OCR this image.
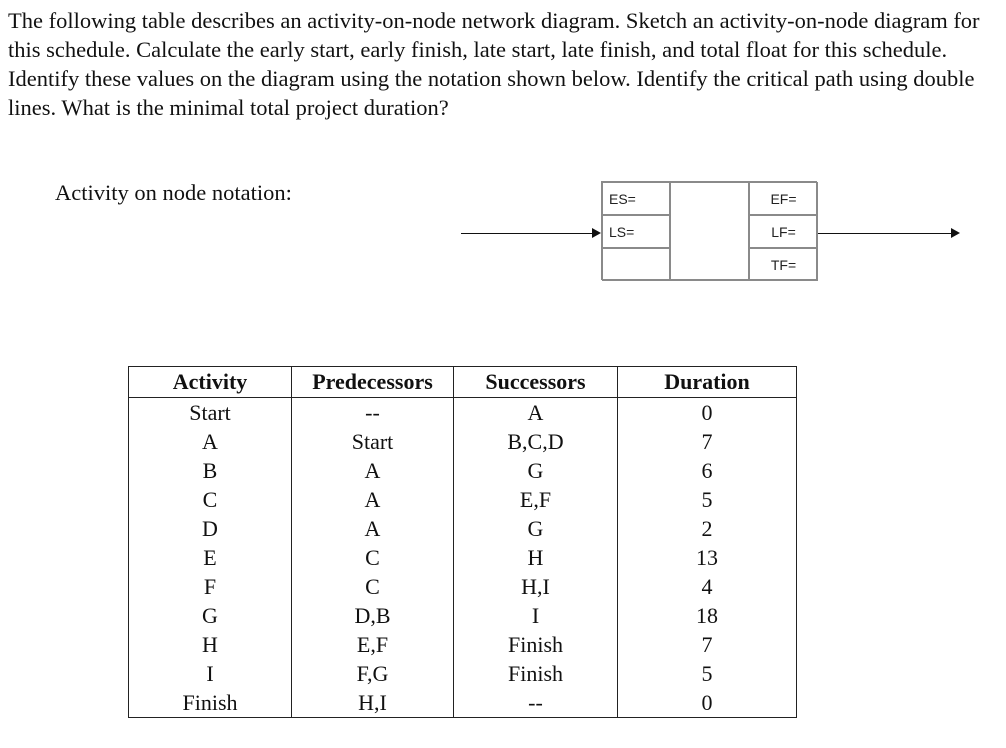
The following table describes an activity-on-node network diagram. Sketch an activity-on-node diagram for this schedule. Calculate the early start, early finish, late start, late finish, and total float for this schedule. Identify these values on the diagram using the notation shown below. Identify the critical path using double lines. What is the minimal total project duration?

Activity on node notation:	ES=
LS=
EF=
LF=
TF=
Activity	Predecessors	Successors	Duration
Start	--	A	0
A	Start	B,C,D	7
B	A	G	6
C	A	E,F	5
D	A	G	2
E	C	H	13
F	C	H,I	4
G	D,B	I	18
H	E,F	Finish	7
I	F,G	Finish	5
Finish	H,I	--	0
